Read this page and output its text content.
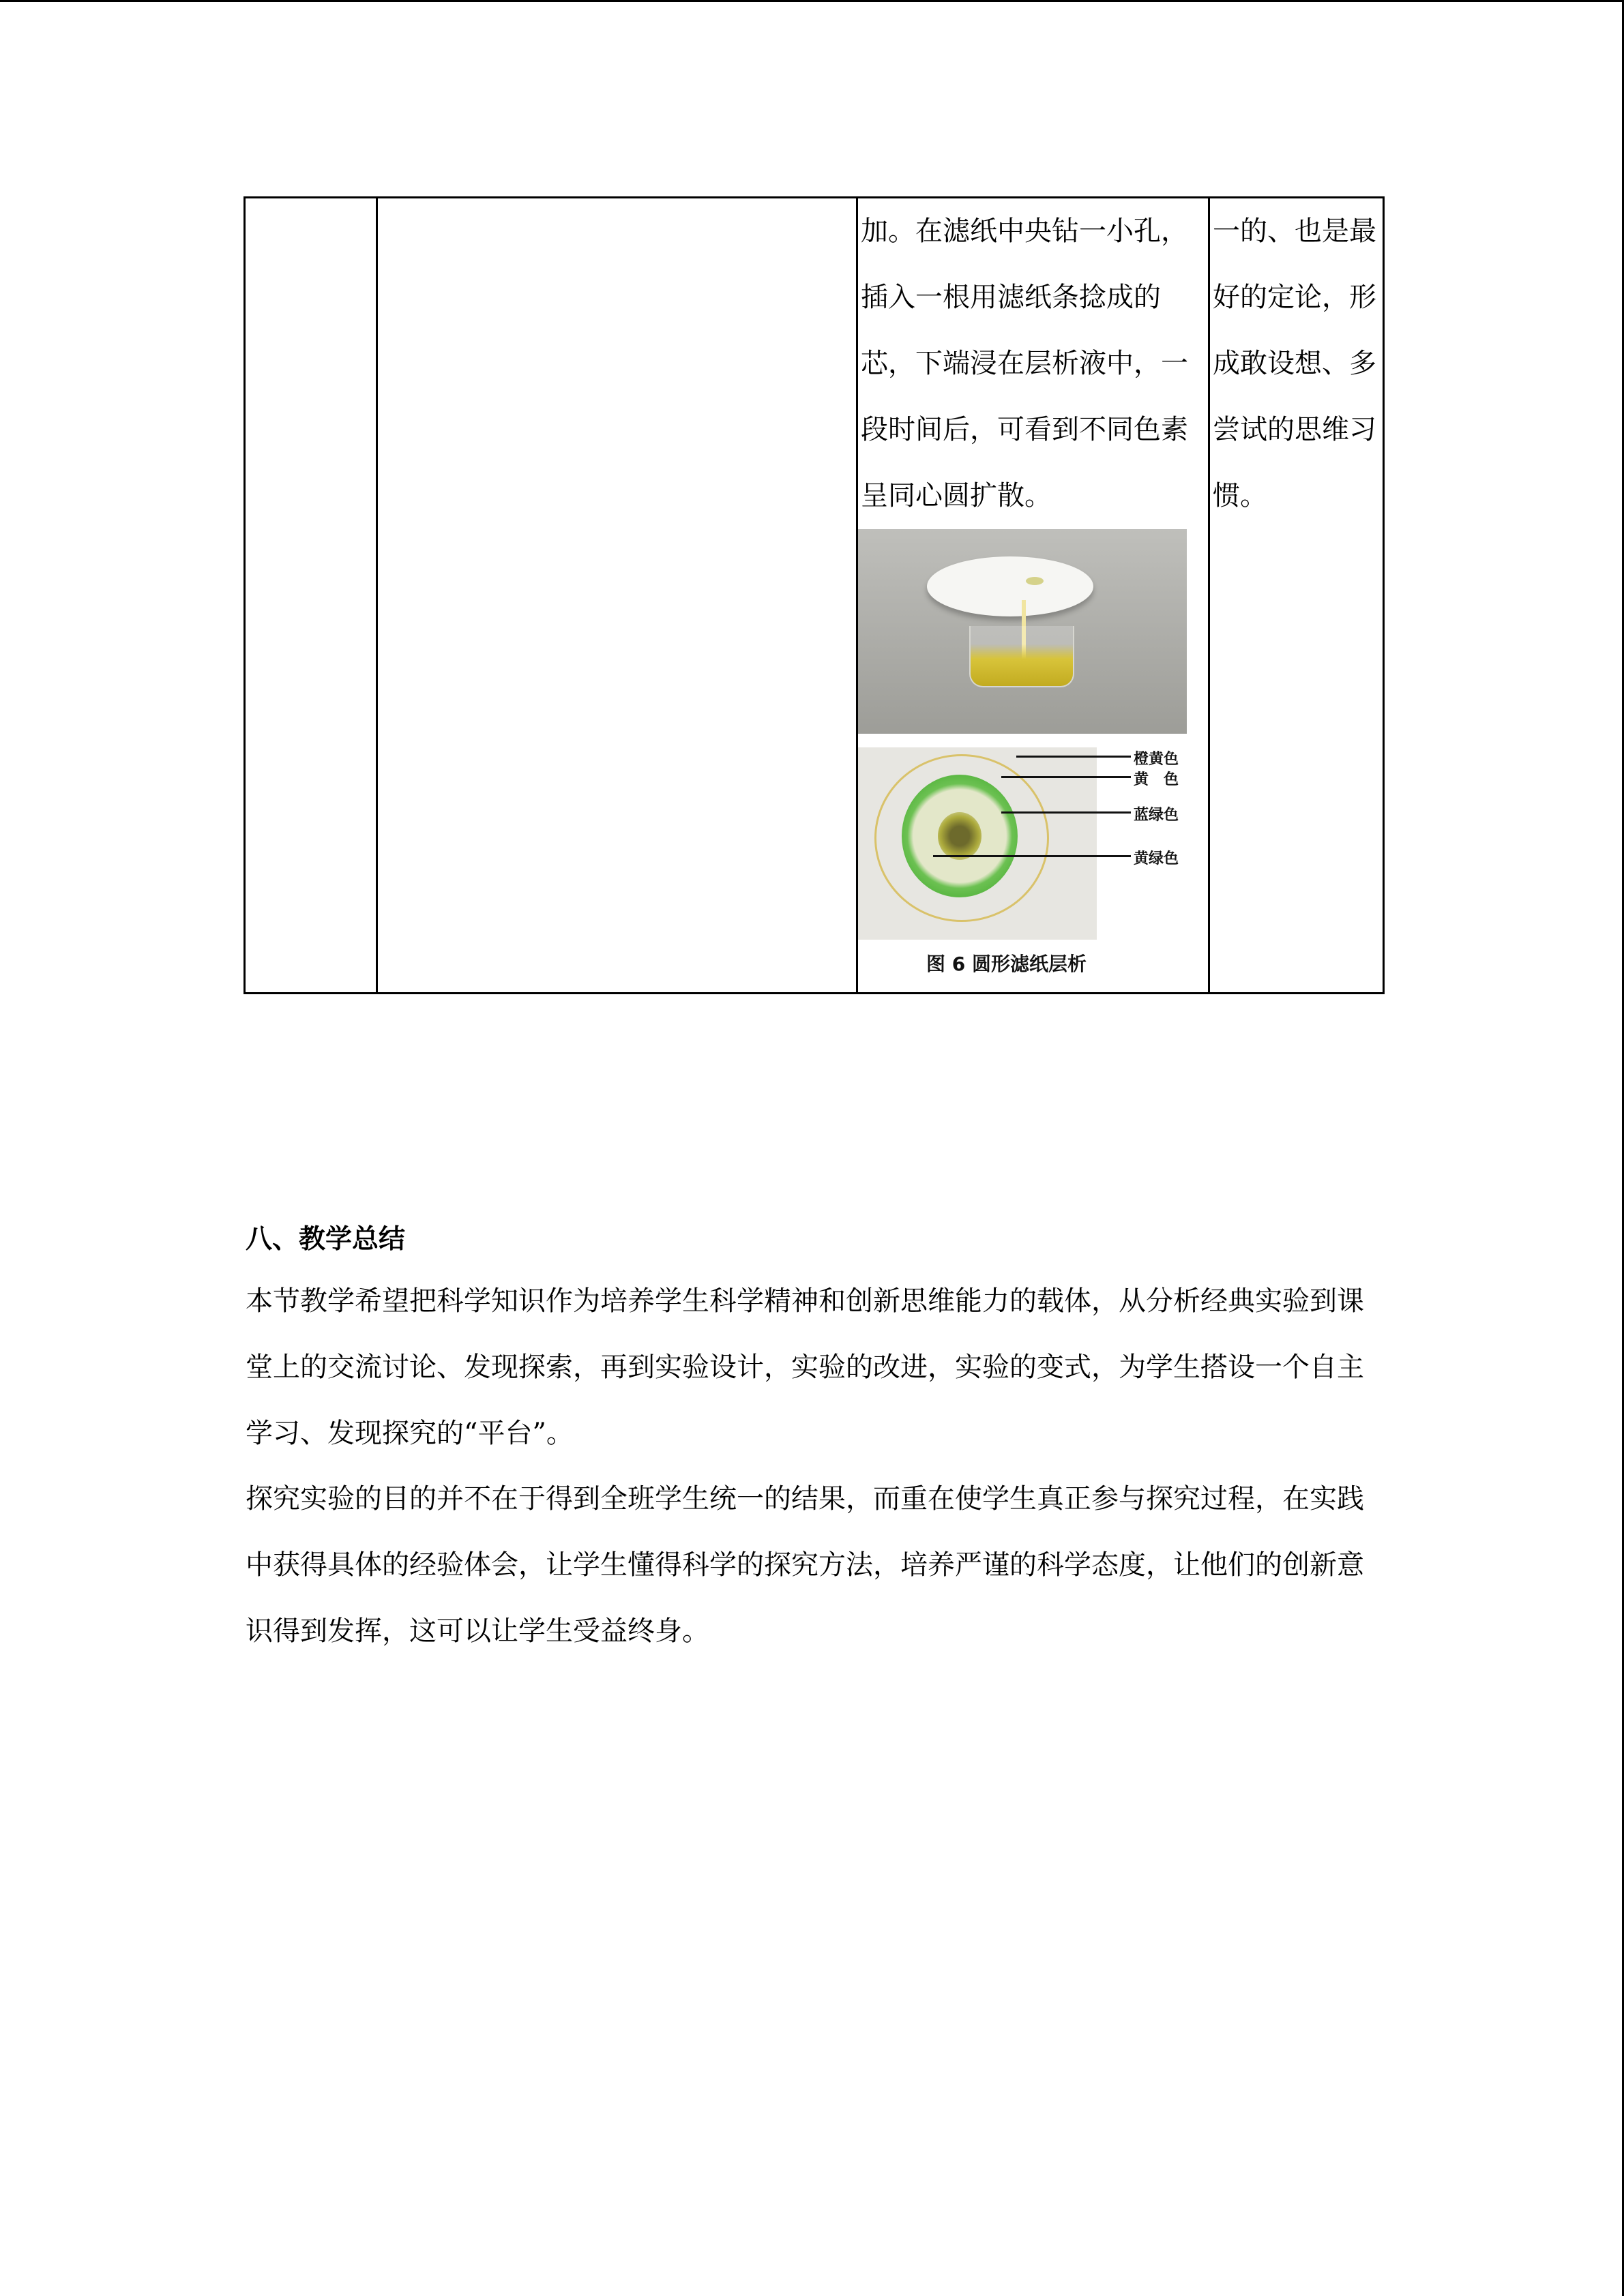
加。在滤纸中央钻一小孔，插入一根用滤纸条捻成的芯，下端浸在层析液中，一段时间后，可看到不同色素呈同心圆扩散。
橙黄色
黄　色
蓝绿色
黄绿色
图 6 圆形滤纸层析

一的、也是最好的定论，形成敢设想、多尝试的思维习惯。
八、教学总结
本节教学希望把科学知识作为培养学生科学精神和创新思维能力的载体，从分析经典实验到课堂上的交流讨论、发现探索，再到实验设计，实验的改进，实验的变式，为学生搭设一个自主学习、发现探究的“平台”。
探究实验的目的并不在于得到全班学生统一的结果，而重在使学生真正参与探究过程，在实践中获得具体的经验体会，让学生懂得科学的探究方法，培养严谨的科学态度，让他们的创新意识得到发挥，这可以让学生受益终身。
